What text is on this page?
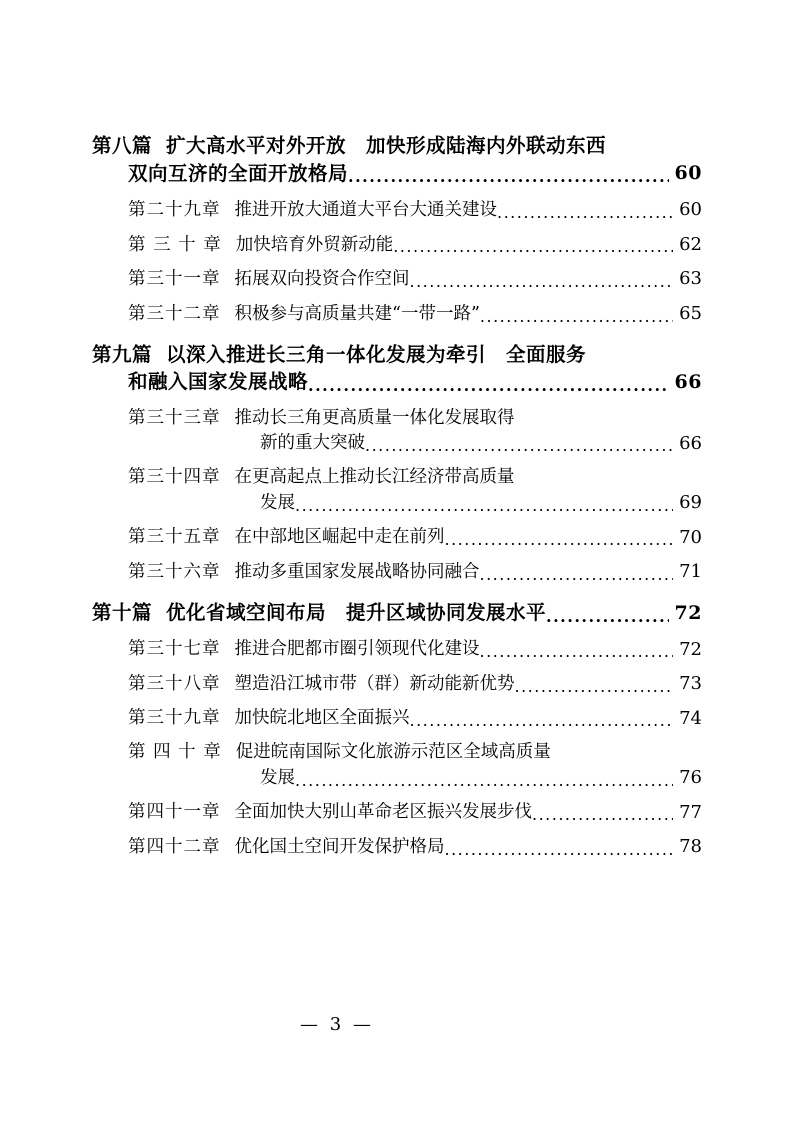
第八篇 扩大高水平对外开放　加快形成陆海内外联动东西
双向互济的全面开放格局 .....	60
第二十九章 推进开放大通道大平台大通关建设 .....	60
第 三 十 章 加快培育外贸新动能 .....	62
第三十一章 拓展双向投资合作空间 .....	63
第三十二章 积极参与高质量共建“一带一路” .....	65
第九篇 以深入推进长三角一体化发展为牵引　全面服务
和融入国家发展战略 .....	66
第三十三章 推动长三角更高质量一体化发展取得
新的重大突破 .....	66
第三十四章 在更高起点上推动长江经济带高质量
发展 .....	69
第三十五章 在中部地区崛起中走在前列 .....	70
第三十六章 推动多重国家发展战略协同融合 .....	71
第十篇 优化省域空间布局　提升区域协同发展水平 .....	72
第三十七章 推进合肥都市圈引领现代化建设 .....	72
第三十八章 塑造沿江城市带（群）新动能新优势 .....	73
第三十九章 加快皖北地区全面振兴 .....	74
第 四 十 章 促进皖南国际文化旅游示范区全域高质量
发展 .....	76
第四十一章 全面加快大别山革命老区振兴发展步伐 .....	77
第四十二章 优化国土空间开发保护格局 .....	78
— 3 —
